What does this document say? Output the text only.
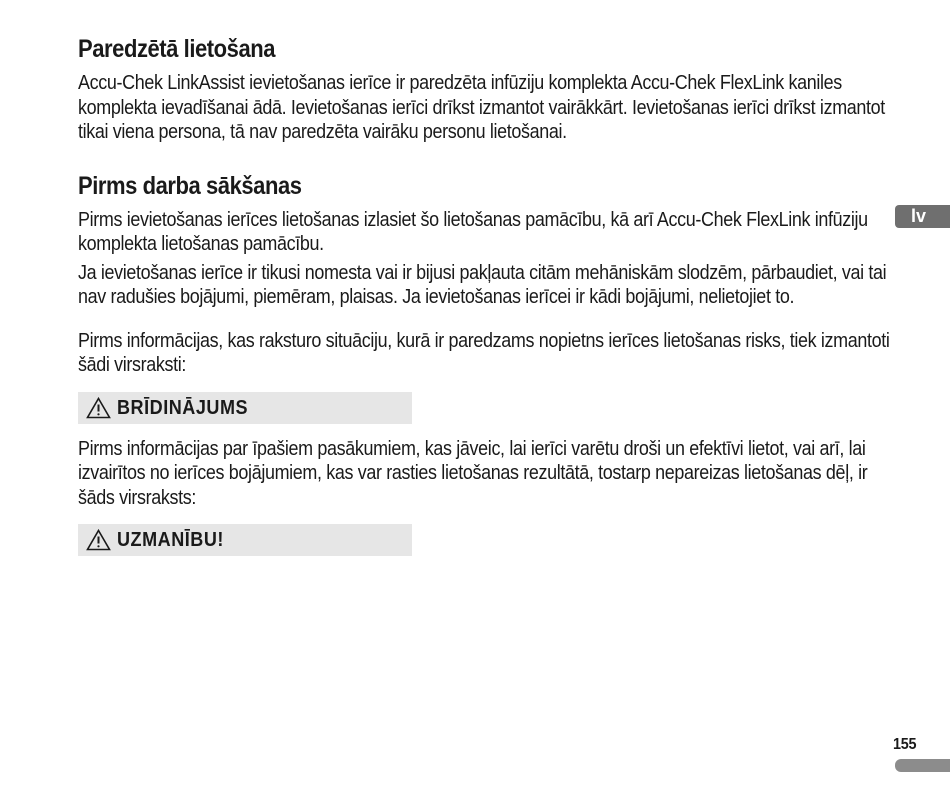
Paredzētā lietošana

Accu-Chek LinkAssist ievietošanas ierīce ir paredzēta infūziju komplekta Accu-Chek FlexLink kaniles komplekta ievadīšanai ādā. Ievietošanas ierīci drīkst izmantot vairākkārt. Ievietošanas ierīci drīkst izmantot tikai viena persona, tā nav paredzēta vairāku personu lietošanai.

Pirms darba sākšanas

Pirms ievietošanas ierīces lietošanas izlasiet šo lietošanas pamācību, kā arī Accu-Chek FlexLink infūziju komplekta lietošanas pamācību.

Ja ievietošanas ierīce ir tikusi nomesta vai ir bijusi pakļauta citām mehāniskām slodzēm, pārbaudiet, vai tai nav radušies bojājumi, piemēram, plaisas. Ja ievietošanas ierīcei ir kādi bojājumi, nelietojiet to.

Pirms informācijas, kas raksturo situāciju, kurā ir paredzams nopietns ierīces lietošanas risks, tiek izmantoti šādi virsraksti:

BRĪDINĀJUMS

Pirms informācijas par īpašiem pasākumiem, kas jāveic, lai ierīci varētu droši un efektīvi lietot, vai arī, lai izvairītos no ierīces bojājumiem, kas var rasties lietošanas rezultātā, tostarp nepareizas lietošanas dēļ, ir šāds virsraksts:

UZMANĪBU!
lv
155
